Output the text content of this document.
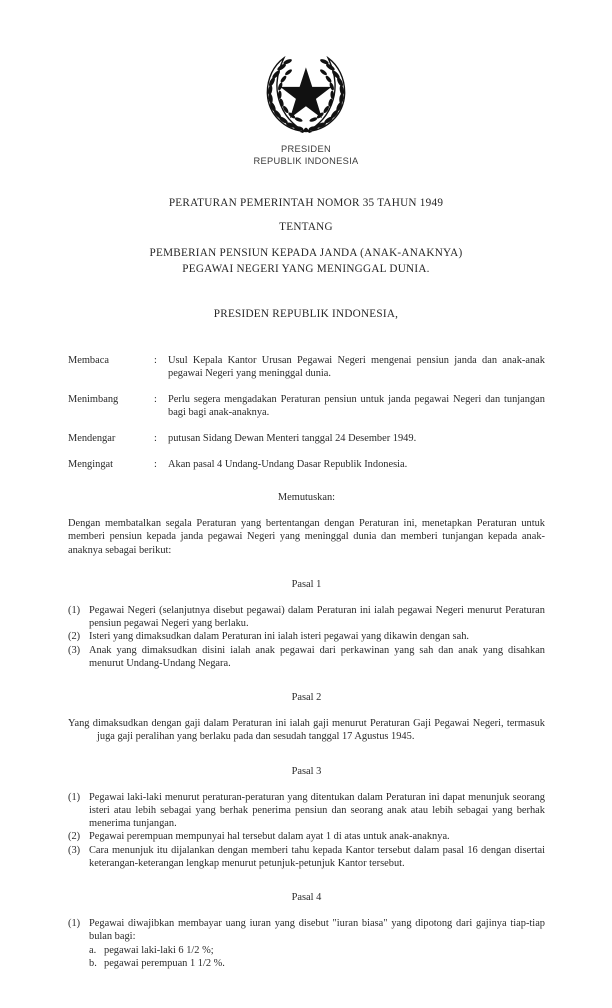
PRESIDEN
REPUBLIK INDONESIA
PERATURAN PEMERINTAH NOMOR 35 TAHUN 1949
TENTANG
PEMBERIAN PENSIUN KEPADA JANDA (ANAK-ANAKNYA)
PEGAWAI NEGERI YANG MENINGGAL DUNIA.
PRESIDEN REPUBLIK INDONESIA,
Membaca	:	Usul Kepala Kantor Urusan Pegawai Negeri mengenai pensiun janda dan anak-anak pegawai Negeri yang meninggal dunia.
Menimbang	:	Perlu segera mengadakan Peraturan pensiun untuk janda pegawai Negeri dan tunjangan bagi bagi anak-anaknya.
Mendengar	:	putusan Sidang Dewan Menteri tanggal 24 Desember 1949.
Mengingat	:	Akan pasal 4 Undang-Undang Dasar Republik Indonesia.
Memutuskan:
Dengan membatalkan segala Peraturan yang bertentangan dengan Peraturan ini, menetapkan Peraturan untuk memberi pensiun kepada janda pegawai Negeri yang meninggal dunia dan memberi tunjangan kepada anak-anaknya sebagai berikut:
Pasal 1
(1) Pegawai Negeri (selanjutnya disebut pegawai) dalam Peraturan ini ialah pegawai Negeri menurut Peraturan pensiun pegawai Negeri yang berlaku.
(2) Isteri yang dimaksudkan dalam Peraturan ini ialah isteri pegawai yang dikawin dengan sah.
(3) Anak yang dimaksudkan disini ialah anak pegawai dari perkawinan yang sah dan anak yang disahkan menurut Undang-Undang Negara.
Pasal 2
Yang dimaksudkan dengan gaji dalam Peraturan ini ialah gaji menurut Peraturan Gaji Pegawai Negeri, termasuk juga gaji peralihan yang berlaku pada dan sesudah tanggal 17 Agustus 1945.
Pasal 3
(1) Pegawai laki-laki menurut peraturan-peraturan yang ditentukan dalam Peraturan ini dapat menunjuk seorang isteri atau lebih sebagai yang berhak penerima pensiun dan seorang anak atau lebih sebagai yang berhak menerima tunjangan.
(2) Pegawai perempuan mempunyai hal tersebut dalam ayat 1 di atas untuk anak-anaknya.
(3) Cara menunjuk itu dijalankan dengan memberi tahu kepada Kantor tersebut dalam pasal 16 dengan disertai keterangan-keterangan lengkap menurut petunjuk-petunjuk Kantor tersebut.
Pasal 4
(1) Pegawai diwajibkan membayar uang iuran yang disebut "iuran biasa" yang dipotong dari gajinya tiap-tiap bulan bagi:
a. pegawai laki-laki 6 1/2 %;
b. pegawai perempuan 1 1/2 %.
